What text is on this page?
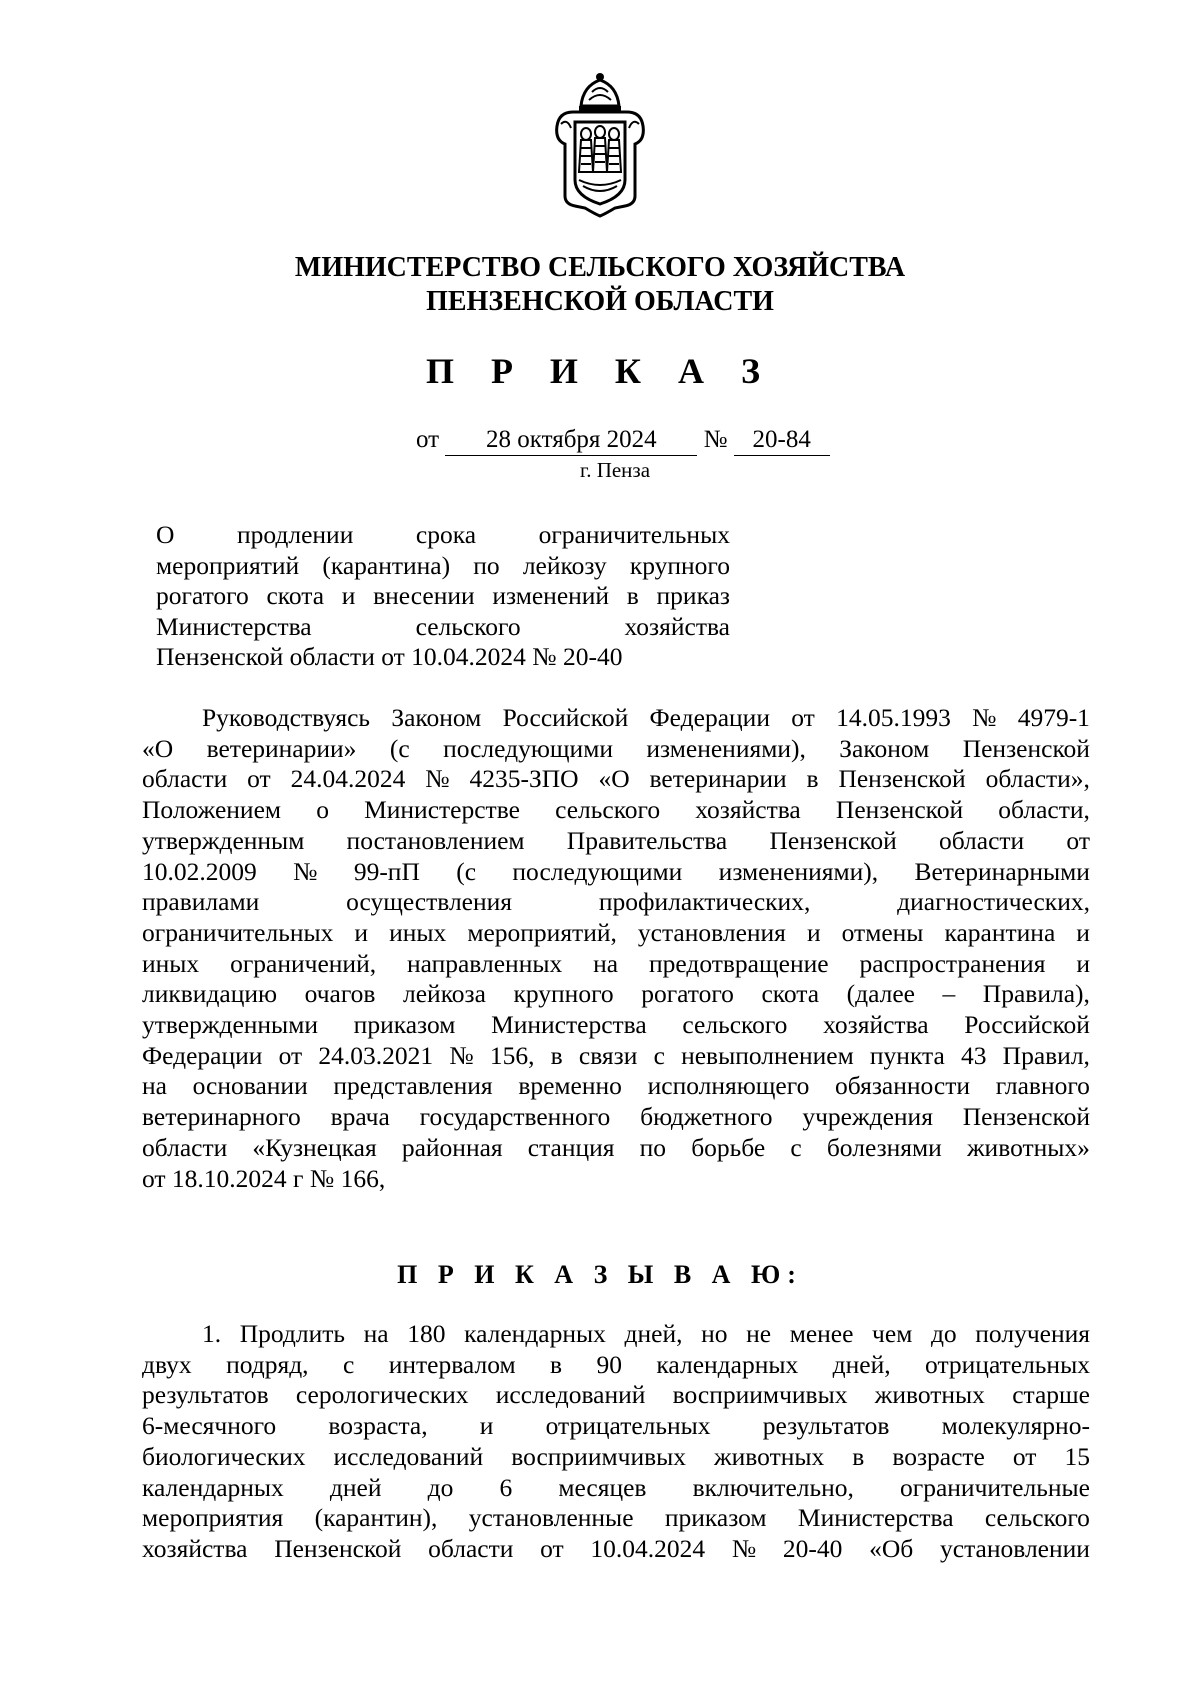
МИНИСТЕРСТВО СЕЛЬСКОГО ХОЗЯЙСТВА
ПЕНЗЕНСКОЙ ОБЛАСТИ
П Р И К А З
от 28 октября 2024 № 20-84
г. Пенза
О продлении срока ограничительных
мероприятий (карантина) по лейкозу крупного
рогатого скота и внесении изменений в приказ
Министерства	сельского	хозяйства
Пензенской области от 10.04.2024 № 20-40
Руководствуясь Законом Российской Федерации от 14.05.1993 № 4979-1
«О ветеринарии» (с последующими изменениями), Законом Пензенской
области от 24.04.2024 № 4235-ЗПО «О ветеринарии в Пензенской области»,
Положением о Министерстве сельского хозяйства Пензенской области,
утвержденным постановлением Правительства Пензенской области от
10.02.2009 № 99-пП (с последующими изменениями), Ветеринарными
правилами	осуществления	профилактических,	диагностических,
ограничительных и иных мероприятий, установления и отмены карантина и
иных ограничений, направленных на предотвращение распространения и
ликвидацию очагов лейкоза крупного рогатого скота (далее – Правила),
утвержденными приказом Министерства сельского хозяйства Российской
Федерации от 24.03.2021 № 156, в связи с невыполнением пункта 43 Правил,
на основании представления временно исполняющего обязанности главного
ветеринарного врача государственного бюджетного учреждения Пензенской
области «Кузнецкая районная станция по борьбе с болезнями животных»
от 18.10.2024 г № 166,
П Р И К А З Ы В А Ю:
1. Продлить на 180 календарных дней, но не менее чем до получения
двух подряд, с интервалом в 90 календарных дней, отрицательных
результатов серологических исследований восприимчивых животных старше
6-месячного возраста, и отрицательных результатов молекулярно-
биологических исследований восприимчивых животных в возрасте от 15
календарных дней до 6 месяцев включительно, ограничительные
мероприятия (карантин), установленные приказом Министерства сельского
хозяйства Пензенской области от 10.04.2024 № 20-40 «Об установлении
